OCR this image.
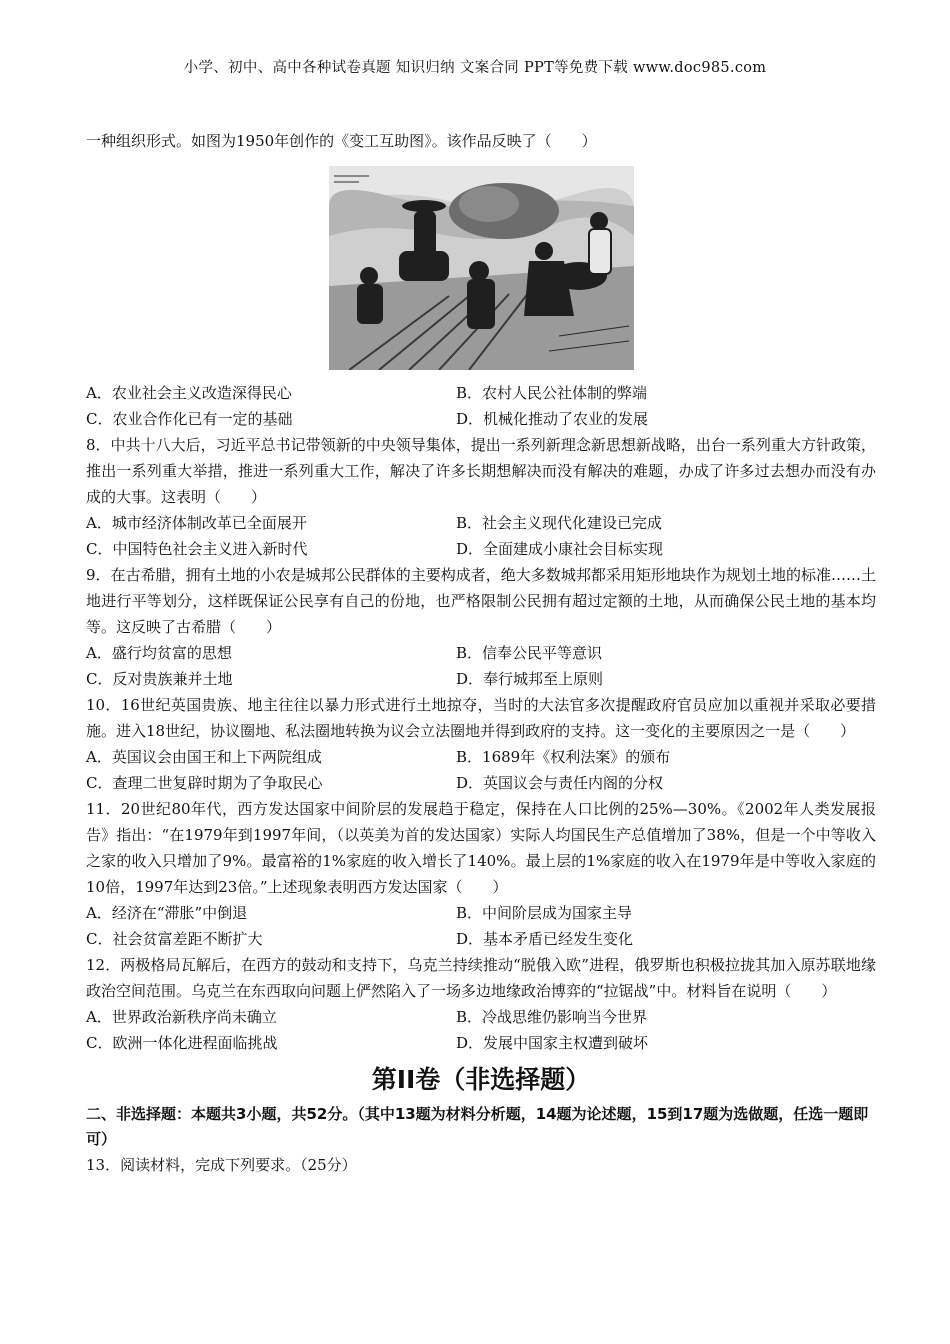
小学、初中、高中各种试卷真题 知识归纳 文案合同 PPT等免费下载 www.doc985.com

一种组织形式。如图为1950年创作的《变工互助图》。该作品反映了（　　）

A．农业社会主义改造深得民心	B．农村人民公社体制的弊端
C．农业合作化已有一定的基础	D．机械化推动了农业的发展

8．中共十八大后，习近平总书记带领新的中央领导集体，提出一系列新理念新思想新战略，出台一系列重大方针政策，推出一系列重大举措，推进一系列重大工作，解决了许多长期想解决而没有解决的难题，办成了许多过去想办而没有办成的大事。这表明（　　）

A．城市经济体制改革已全面展开	B．社会主义现代化建设已完成
C．中国特色社会主义进入新时代	D．全面建成小康社会目标实现

9．在古希腊，拥有土地的小农是城邦公民群体的主要构成者，绝大多数城邦都采用矩形地块作为规划土地的标准……土地进行平等划分，这样既保证公民享有自己的份地，也严格限制公民拥有超过定额的土地，从而确保公民土地的基本均等。这反映了古希腊（　　）

A．盛行均贫富的思想	B．信奉公民平等意识
C．反对贵族兼并土地	D．奉行城邦至上原则

10．16世纪英国贵族、地主往往以暴力形式进行土地掠夺，当时的大法官多次提醒政府官员应加以重视并采取必要措施。进入18世纪，协议圈地、私法圈地转换为议会立法圈地并得到政府的支持。这一变化的主要原因之一是（　　）

A．英国议会由国王和上下两院组成	B．1689年《权利法案》的颁布
C．查理二世复辟时期为了争取民心	D．英国议会与责任内阁的分权

11．20世纪80年代，西方发达国家中间阶层的发展趋于稳定，保持在人口比例的25%—30%。《2002年人类发展报告》指出：“在1979年到1997年间，（以英美为首的发达国家）实际人均国民生产总值增加了38%，但是一个中等收入之家的收入只增加了9%。最富裕的1%家庭的收入增长了140%。最上层的1%家庭的收入在1979年是中等收入家庭的10倍，1997年达到23倍。”上述现象表明西方发达国家（　　）

A．经济在“滞胀”中倒退	B．中间阶层成为国家主导
C．社会贫富差距不断扩大	D．基本矛盾已经发生变化

12．两极格局瓦解后，在西方的鼓动和支持下，乌克兰持续推动“脱俄入欧”进程，俄罗斯也积极拉拢其加入原苏联地缘政治空间范围。乌克兰在东西取向问题上俨然陷入了一场多边地缘政治博弈的“拉锯战”中。材料旨在说明（　　）

A．世界政治新秩序尚未确立	B．冷战思维仍影响当今世界
C．欧洲一体化进程面临挑战	D．发展中国家主权遭到破坏
第II卷（非选择题）

二、非选择题：本题共3小题，共52分。（其中13题为材料分析题，14题为论述题，15到17题为选做题，任选一题即可）

13．阅读材料，完成下列要求。（25分）
